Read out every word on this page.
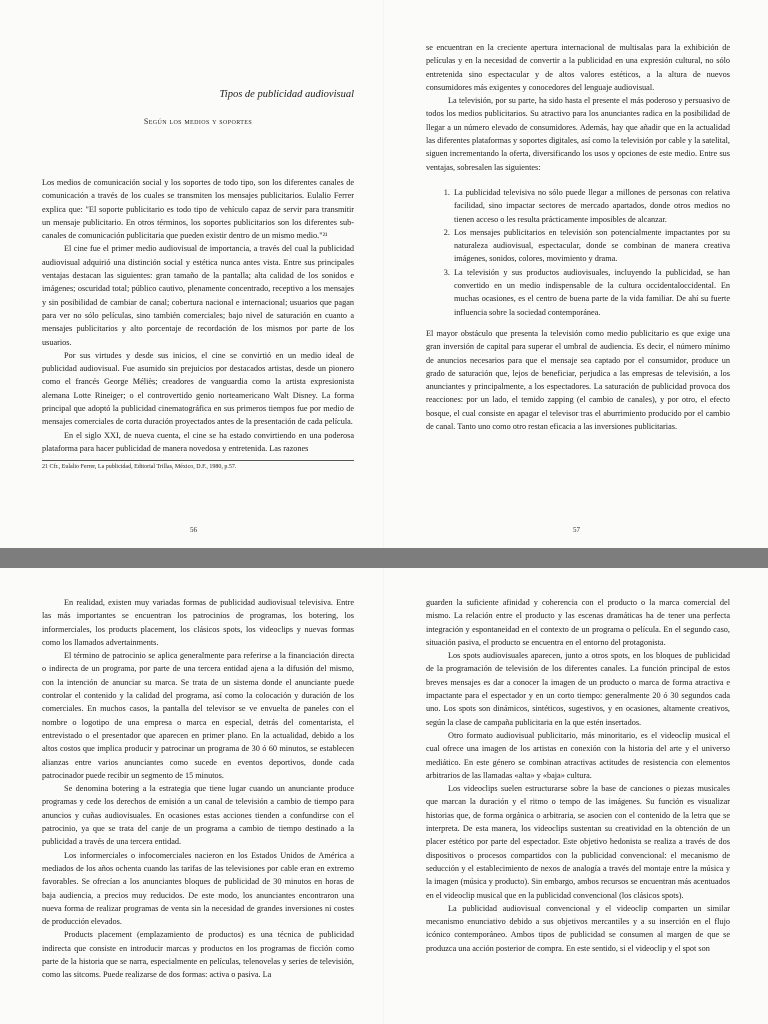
Tipos de publicidad audiovisual
Según los medios y soportes

Los medios de comunicación social y los soportes de todo tipo, son los diferentes canales de comunicación a través de los cuales se transmiten los mensajes publicitarios. Eulalio Ferrer explica que: "El soporte publicitario es todo tipo de vehículo capaz de servir para transmitir un mensaje publicitario. En otros términos, los soportes publicitarios son los diferentes sub-canales de comunicación publicitaria que pueden existir dentro de un mismo medio."²¹

El cine fue el primer medio audiovisual de importancia, a través del cual la publicidad audiovisual adquirió una distinción social y estética nunca antes vista. Entre sus principales ventajas destacan las siguientes: gran tamaño de la pantalla; alta calidad de los sonidos e imágenes; oscuridad total; público cautivo, plenamente concentrado, receptivo a los mensajes y sin posibilidad de cambiar de canal; cobertura nacional e internacional; usuarios que pagan para ver no sólo películas, sino también comerciales; bajo nivel de saturación en cuanto a mensajes publicitarios y alto porcentaje de recordación de los mismos por parte de los usuarios.

Por sus virtudes y desde sus inicios, el cine se convirtió en un medio ideal de publicidad audiovisual. Fue asumido sin prejuicios por destacados artistas, desde un pionero como el francés George Méliès; creadores de vanguardia como la artista expresionista alemana Lotte Rineiger; o el controvertido genio norteamericano Walt Disney. La forma principal que adoptó la publicidad cinematográfica en sus primeros tiempos fue por medio de mensajes comerciales de corta duración proyectados antes de la presentación de cada película.

En el siglo XXI, de nueva cuenta, el cine se ha estado convirtiendo en una poderosa plataforma para hacer publicidad de manera novedosa y entretenida. Las razones

21 Cfr., Eulalio Ferrer, La publicidad, Editorial Trillas, México, D.F., 1980, p.57.
56

se encuentran en la creciente apertura internacional de multisalas para la exhibición de películas y en la necesidad de convertir a la publicidad en una expresión cultural, no sólo entretenida sino espectacular y de altos valores estéticos, a la altura de nuevos consumidores más exigentes y conocedores del lenguaje audiovisual.

La televisión, por su parte, ha sido hasta el presente el más poderoso y persuasivo de todos los medios publicitarios. Su atractivo para los anunciantes radica en la posibilidad de llegar a un número elevado de consumidores. Además, hay que añadir que en la actualidad las diferentes plataformas y soportes digitales, así como la televisión por cable y la satelital, siguen incrementando la oferta, diversificando los usos y opciones de este medio. Entre sus ventajas, sobresalen las siguientes:

1. La publicidad televisiva no sólo puede llegar a millones de personas con relativa facilidad, sino impactar sectores de mercado apartados, donde otros medios no tienen acceso o les resulta prácticamente imposibles de alcanzar.
2. Los mensajes publicitarios en televisión son potencialmente impactantes por su naturaleza audiovisual, espectacular, donde se combinan de manera creativa imágenes, sonidos, colores, movimiento y drama.
3. La televisión y sus productos audiovisuales, incluyendo la publicidad, se han convertido en un medio indispensable de la cultura occidentaloccidental. En muchas ocasiones, es el centro de buena parte de la vida familiar. De ahí su fuerte influencia sobre la sociedad contemporánea.

El mayor obstáculo que presenta la televisión como medio publicitario es que exige una gran inversión de capital para superar el umbral de audiencia. Es decir, el número mínimo de anuncios necesarios para que el mensaje sea captado por el consumidor, produce un grado de saturación que, lejos de beneficiar, perjudica a las empresas de televisión, a los anunciantes y principalmente, a los espectadores. La saturación de publicidad provoca dos reacciones: por un lado, el temido zapping (el cambio de canales), y por otro, el efecto bosque, el cual consiste en apagar el televisor tras el aburrimiento producido por el cambio de canal. Tanto uno como otro restan eficacia a las inversiones publicitarias.

57

En realidad, existen muy variadas formas de publicidad audiovisual televisiva. Entre las más importantes se encuentran los patrocinios de programas, los botering, los informerciales, los products placement, los clásicos spots, los videoclips y nuevas formas como los llamados advertainments.

El término de patrocinio se aplica generalmente para referirse a la financiación directa o indirecta de un programa, por parte de una tercera entidad ajena a la difusión del mismo, con la intención de anunciar su marca. Se trata de un sistema donde el anunciante puede controlar el contenido y la calidad del programa, así como la colocación y duración de los comerciales. En muchos casos, la pantalla del televisor se ve envuelta de paneles con el nombre o logotipo de una empresa o marca en especial, detrás del comentarista, el entrevistado o el presentador que aparecen en primer plano. En la actualidad, debido a los altos costos que implica producir y patrocinar un programa de 30 ó 60 minutos, se establecen alianzas entre varios anunciantes como sucede en eventos deportivos, donde cada patrocinador puede recibir un segmento de 15 minutos.

Se denomina botering a la estrategia que tiene lugar cuando un anunciante produce programas y cede los derechos de emisión a un canal de televisión a cambio de tiempo para anuncios y cuñas audiovisuales. En ocasiones estas acciones tienden a confundirse con el patrocinio, ya que se trata del canje de un programa a cambio de tiempo destinado a la publicidad a través de una tercera entidad.

Los informerciales o infocomerciales nacieron en los Estados Unidos de América a mediados de los años ochenta cuando las tarifas de las televisiones por cable eran en extremo favorables. Se ofrecían a los anunciantes bloques de publicidad de 30 minutos en horas de baja audiencia, a precios muy reducidos. De este modo, los anunciantes encontraron una nueva forma de realizar programas de venta sin la necesidad de grandes inversiones ni costes de producción elevados.

Products placement (emplazamiento de productos) es una técnica de publicidad indirecta que consiste en introducir marcas y productos en los programas de ficción como parte de la historia que se narra, especialmente en películas, telenovelas y series de televisión, como las sitcoms. Puede realizarse de dos formas: activa o pasiva. La

guarden la suficiente afinidad y coherencia con el producto o la marca comercial del mismo. La relación entre el producto y las escenas dramáticas ha de tener una perfecta integración y espontaneidad en el contexto de un programa o película. En el segundo caso, situación pasiva, el producto se encuentra en el entorno del protagonista.

Los spots audiovisuales aparecen, junto a otros spots, en los bloques de publicidad de la programación de televisión de los diferentes canales. La función principal de estos breves mensajes es dar a conocer la imagen de un producto o marca de forma atractiva e impactante para el espectador y en un corto tiempo: generalmente 20 ó 30 segundos cada uno. Los spots son dinámicos, sintéticos, sugestivos, y en ocasiones, altamente creativos, según la clase de campaña publicitaria en la que estén insertados.

Otro formato audiovisual publicitario, más minoritario, es el videoclip musical el cual ofrece una imagen de los artistas en conexión con la historia del arte y el universo mediático. En este género se combinan atractivas actitudes de resistencia con elementos arbitrarios de las llamadas «alta» y «baja» cultura.

Los videoclips suelen estructurarse sobre la base de canciones o piezas musicales que marcan la duración y el ritmo o tempo de las imágenes. Su función es visualizar historias que, de forma orgánica o arbitraria, se asocien con el contenido de la letra que se interpreta. De esta manera, los videoclips sustentan su creatividad en la obtención de un placer estético por parte del espectador. Este objetivo hedonista se realiza a través de dos dispositivos o procesos compartidos con la publicidad convencional: el mecanismo de seducción y el establecimiento de nexos de analogía a través del montaje entre la música y la imagen (música y producto). Sin embargo, ambos recursos se encuentran más acentuados en el videoclip musical que en la publicidad convencional (los clásicos spots).

La publicidad audiovisual convencional y el videoclip comparten un similar mecanismo enunciativo debido a sus objetivos mercantiles y a su inserción en el flujo icónico contemporáneo. Ambos tipos de publicidad se consumen al margen de que se produzca una acción posterior de compra. En este sentido, si el videoclip y el spot son
